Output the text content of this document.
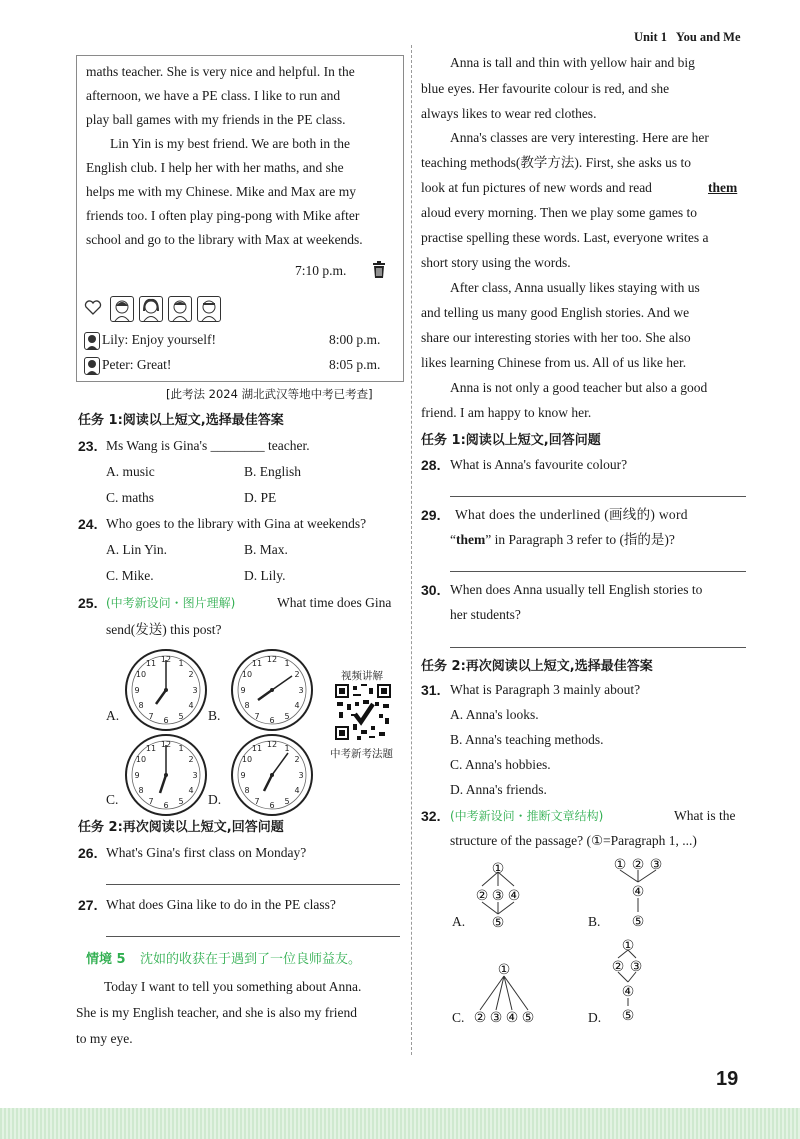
Unit 1 You and Me
maths teacher. She is very nice and helpful. In the
afternoon, we have a PE class. I like to run and
play ball games with my friends in the PE class.
Lin Yin is my best friend. We are both in the
English club. I help her with her maths, and she
helps me with my Chinese. Mike and Max are my
friends too. I often play ping-pong with Mike after
school and go to the library with Max at weekends.
7:10 p.m.
Lily: Enjoy yourself!	8:00 p.m.
Peter: Great!	8:05 p.m.
[此考法 2024 湖北武汉等地中考已考查]
任务 1:阅读以上短文,选择最佳答案
23. Ms Wang is Gina's ________ teacher.
A. music	B. English
C. maths	D. PE
24. Who goes to the library with Gina at weekends?
A. Lin Yin.	B. Max.
C. Mike.	D. Lily.
25. (中考新设问・图片理解)	What time does Gina
send(发送) this post?
12 1
2
3
4
5
6
7
8
9
10
11
A.
12 1
2
3
4
5
6
7
8
9
10
11
B.
12 1
2
3
4
5
6
7
8
9
10
11
C.
12 1
2
3
4
5
6
7
8
9
10
11
D.
视频讲解
中考新考法题
任务 2:再次阅读以上短文,回答问题
26. What's Gina's first class on Monday?
27. What does Gina like to do in the PE class?
情境 5 沈如的收获在于遇到了一位良师益友。
Today I want to tell you something about Anna.
She is my English teacher, and she is also my friend
to my eye.
Anna is tall and thin with yellow hair and big
blue eyes. Her favourite colour is red, and she
always likes to wear red clothes.
Anna's classes are very interesting. Here are her
teaching methods(教学方法). First, she asks us to
look at fun pictures of new words and read	them
aloud every morning. Then we play some games to
practise spelling these words. Last, everyone writes a
short story using the words.
After class, Anna usually likes staying with us
and telling us many good English stories. And we
share our interesting stories with her too. She also
likes learning Chinese from us. All of us like her.
Anna is not only a good teacher but also a good
friend. I am happy to know her.
任务 1:阅读以上短文,回答问题
28. What is Anna's favourite colour?
29. What does the underlined (画线的) word
“them” in Paragraph 3 refer to (指的是)?
30. When does Anna usually tell English stories to
her students?
任务 2:再次阅读以上短文,选择最佳答案
31. What is Paragraph 3 mainly about?
A. Anna's looks.
B. Anna's teaching methods.
C. Anna's hobbies.
D. Anna's friends.
32. (中考新设问・推断文章结构)	What is the
structure of the passage? (①=Paragraph 1, ...)
①
② ③ ④
⑤
A.
① ② ③
④
⑤
B.
①
② ③ ④ ⑤
C.
①
② ③
④
⑤
D.
19
